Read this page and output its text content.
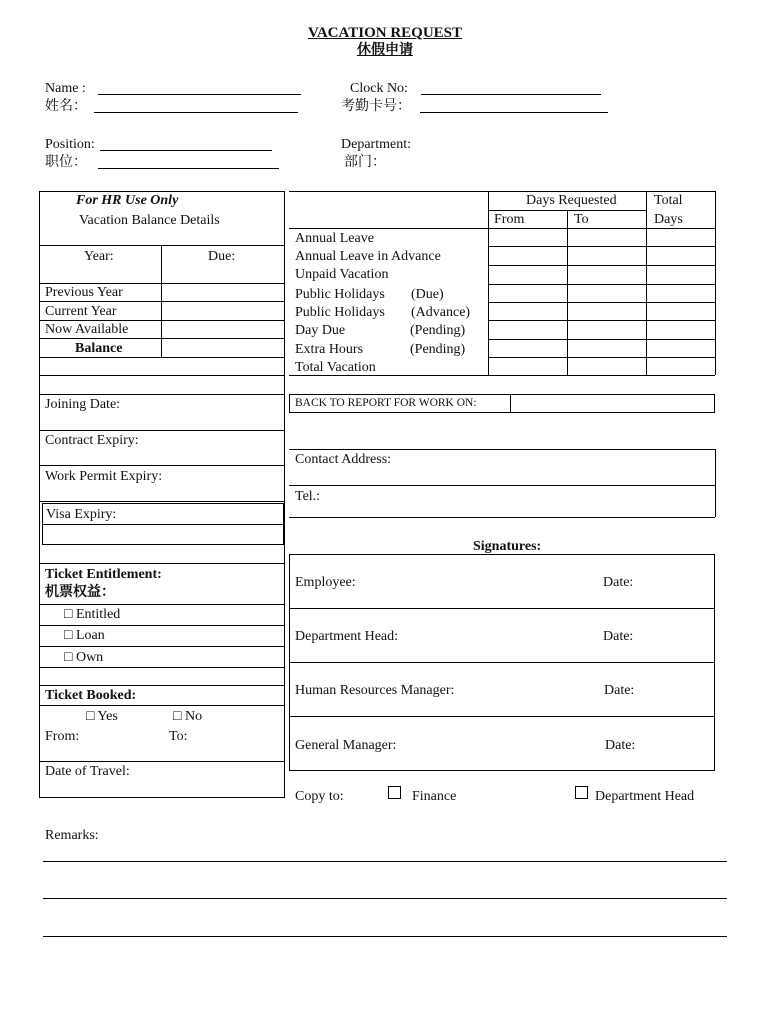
VACATION REQUEST
休假申请
Name :
姓名：
Clock No:
考勤卡号：
Position:
职位：
Department:
部门：
For HR Use Only
Vacation Balance Details
Year:	Due:
Previous Year
Current Year
Now Available
Balance
Joining Date:
Contract Expiry:
Work Permit Expiry:
Visa Expiry:
Ticket Entitlement:
机票权益：
□ Entitled
□ Loan
□ Own
Ticket Booked:
□ Yes	□ No
From:	To:
Date of Travel:
Days Requested
From	To
Total
Days
Annual Leave
Annual Leave in Advance
Unpaid Vacation
Public Holidays (Due)
Public Holidays (Advance)
Day Due	(Pending)
Extra Hours	(Pending)
Total Vacation
BACK TO REPORT FOR WORK ON:
Contact Address:
Tel.:
Signatures:
Employee:	Date:
Department Head:	Date:
Human Resources Manager:	Date:
General Manager:	Date:
Copy to:	Finance	Department Head
Remarks:
